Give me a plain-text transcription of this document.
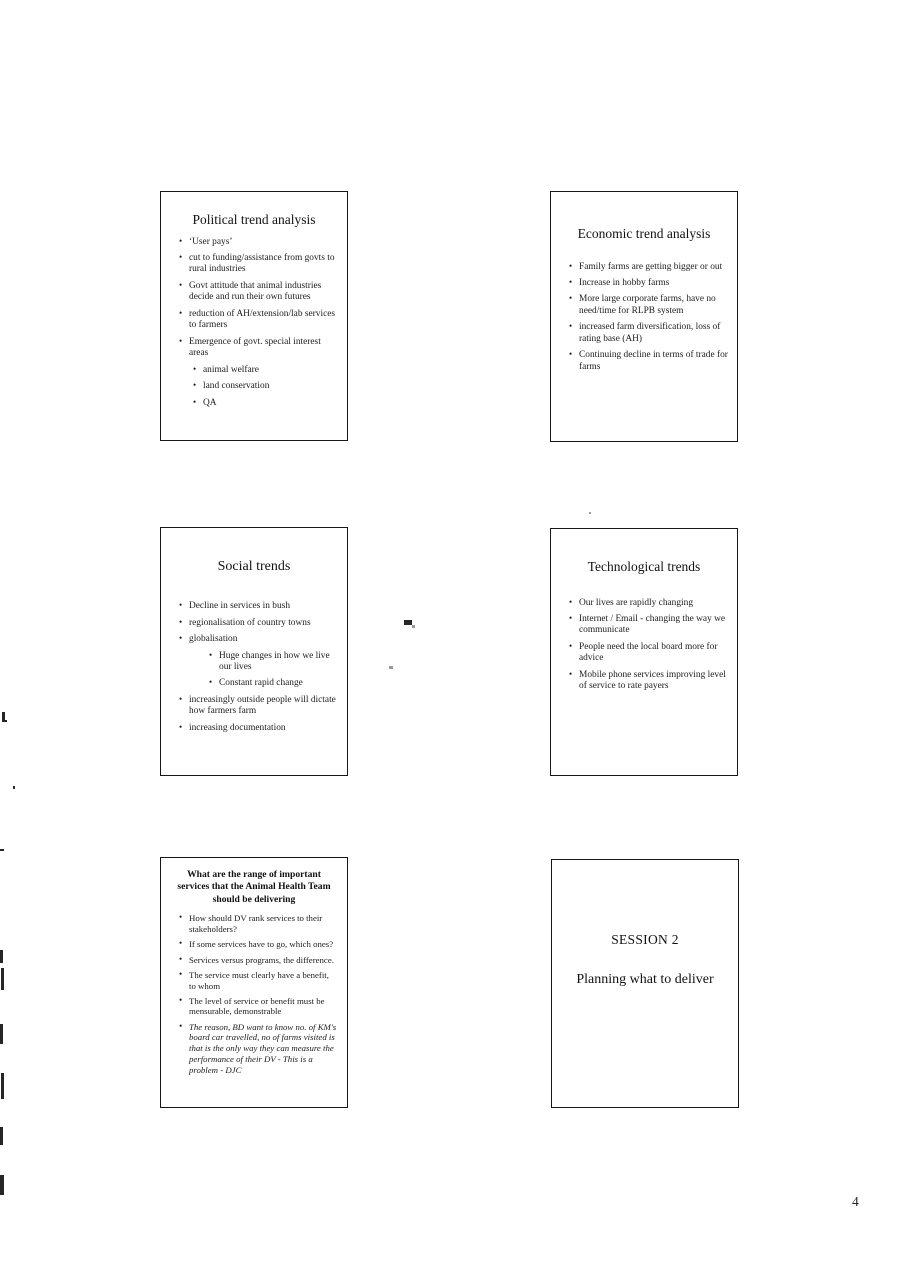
Political trend analysis
• ‘User pays’
• cut to funding/assistance from govts to rural industries
• Govt attitude that animal industries decide and run their own futures
• reduction of AH/extension/lab services to farmers
• Emergence of govt. special interest areas
• animal welfare
• land conservation
• QA
Economic trend analysis
• Family farms are getting bigger or out
• Increase in hobby farms
• More large corporate farms, have no need/time for RLPB system
• increased farm diversification, loss of rating base (AH)
• Continuing decline in terms of trade for farms
Social trends
• Decline in services in bush
• regionalisation of country towns
• globalisation
• Huge changes in how we live our lives
• Constant rapid change
• increasingly outside people will dictate how farmers farm
• increasing documentation
Technological trends
• Our lives are rapidly changing
• Internet / Email - changing the way we communicate
• People need the local board more for advice
• Mobile phone services improving level of service to rate payers
What are the range of important services that the Animal Health Team should be delivering
• How should DV rank services to their stakeholders?
• If some services have to go, which ones?
• Services versus programs, the difference.
• The service must clearly have a benefit, to whom
• The level of service or benefit must be mensurable, demonstrable
• The reason, BD want to know no. of KM's board car travelled, no of farms visited is that is the only way they can measure the performance of their DV - This is a problem - DJC

SESSION 2

Planning what to deliver

4
